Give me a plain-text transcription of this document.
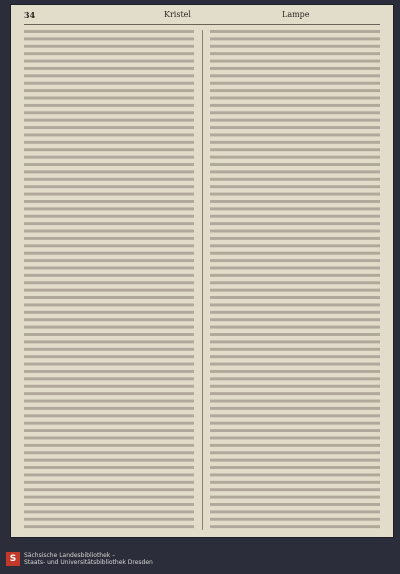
34	Kristel	Lampe
S	Sächsische Landesbibliothek –
Staats- und Universitätsbibliothek Dresden
